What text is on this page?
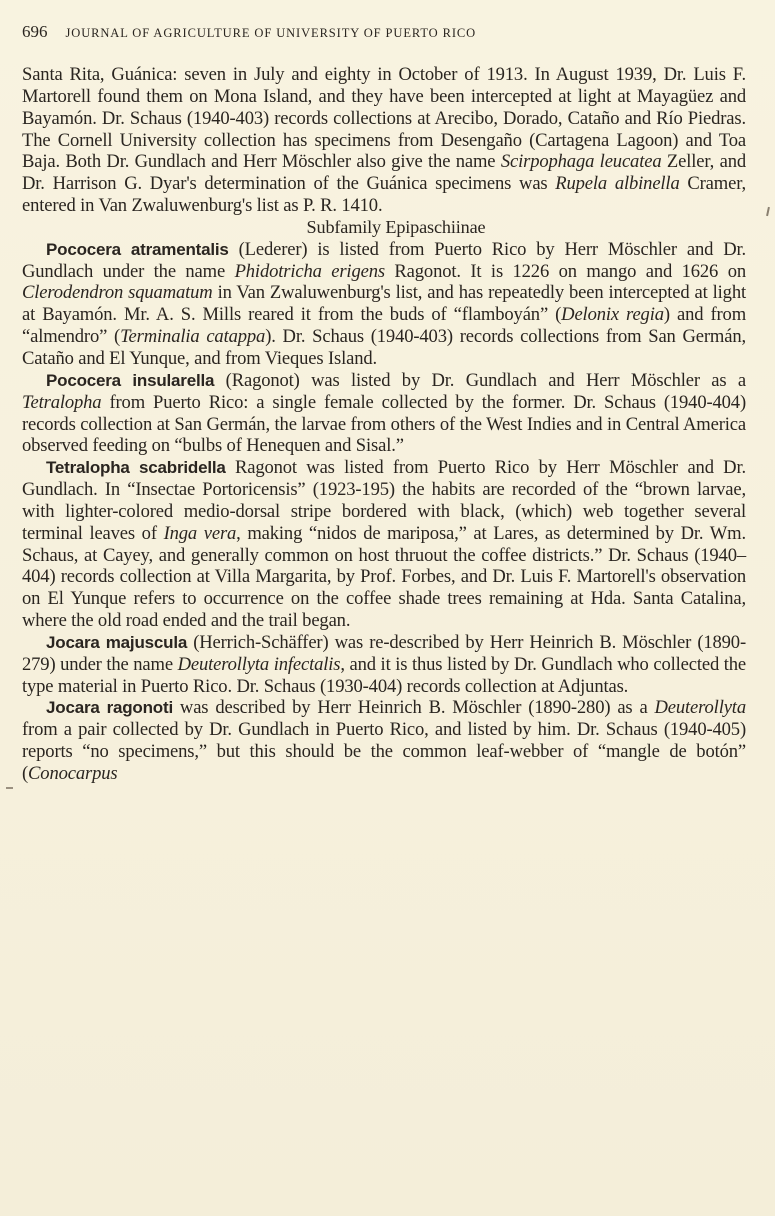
696 JOURNAL OF AGRICULTURE OF UNIVERSITY OF PUERTO RICO

Santa Rita, Guánica: seven in July and eighty in October of 1913. In August 1939, Dr. Luis F. Martorell found them on Mona Island, and they have been intercepted at light at Mayagüez and Bayamón. Dr. Schaus (1940-403) records collections at Arecibo, Dorado, Cataño and Río Piedras. The Cornell University collection has specimens from Desengaño (Cartagena Lagoon) and Toa Baja. Both Dr. Gundlach and Herr Möschler also give the name Scirpophaga leucatea Zeller, and Dr. Harrison G. Dyar's determination of the Guánica specimens was Rupela albinella Cramer, entered in Van Zwaluwenburg's list as P. R. 1410.

Subfamily Epipaschiinae

Pococera atramentalis (Lederer) is listed from Puerto Rico by Herr Möschler and Dr. Gundlach under the name Phidotricha erigens Ragonot. It is 1226 on mango and 1626 on Clerodendron squamatum in Van Zwaluwenburg's list, and has repeatedly been intercepted at light at Bayamón. Mr. A. S. Mills reared it from the buds of “flamboyán” (Delonix regia) and from “almendro” (Terminalia catappa). Dr. Schaus (1940-403) records collections from San Germán, Cataño and El Yunque, and from Vieques Island.

Pococera insularella (Ragonot) was listed by Dr. Gundlach and Herr Möschler as a Tetralopha from Puerto Rico: a single female collected by the former. Dr. Schaus (1940-404) records collection at San Germán, the larvae from others of the West Indies and in Central America observed feeding on “bulbs of Henequen and Sisal.”

Tetralopha scabridella Ragonot was listed from Puerto Rico by Herr Möschler and Dr. Gundlach. In “Insectae Portoricensis” (1923-195) the habits are recorded of the “brown larvae, with lighter-colored medio-dorsal stripe bordered with black, (which) web together several terminal leaves of Inga vera, making “nidos de mariposa,” at Lares, as determined by Dr. Wm. Schaus, at Cayey, and generally common on host thruout the coffee districts.” Dr. Schaus (1940–404) records collection at Villa Margarita, by Prof. Forbes, and Dr. Luis F. Martorell's observation on El Yunque refers to occurrence on the coffee shade trees remaining at Hda. Santa Catalina, where the old road ended and the trail began.

Jocara majuscula (Herrich-Schäffer) was re-described by Herr Heinrich B. Möschler (1890-279) under the name Deuterollyta infectalis, and it is thus listed by Dr. Gundlach who collected the type material in Puerto Rico. Dr. Schaus (1930-404) records collection at Adjuntas.

Jocara ragonoti was described by Herr Heinrich B. Möschler (1890-280) as a Deuterollyta from a pair collected by Dr. Gundlach in Puerto Rico, and listed by him. Dr. Schaus (1940-405) reports “no specimens,” but this should be the common leaf-webber of “mangle de botón” (Conocarpus
